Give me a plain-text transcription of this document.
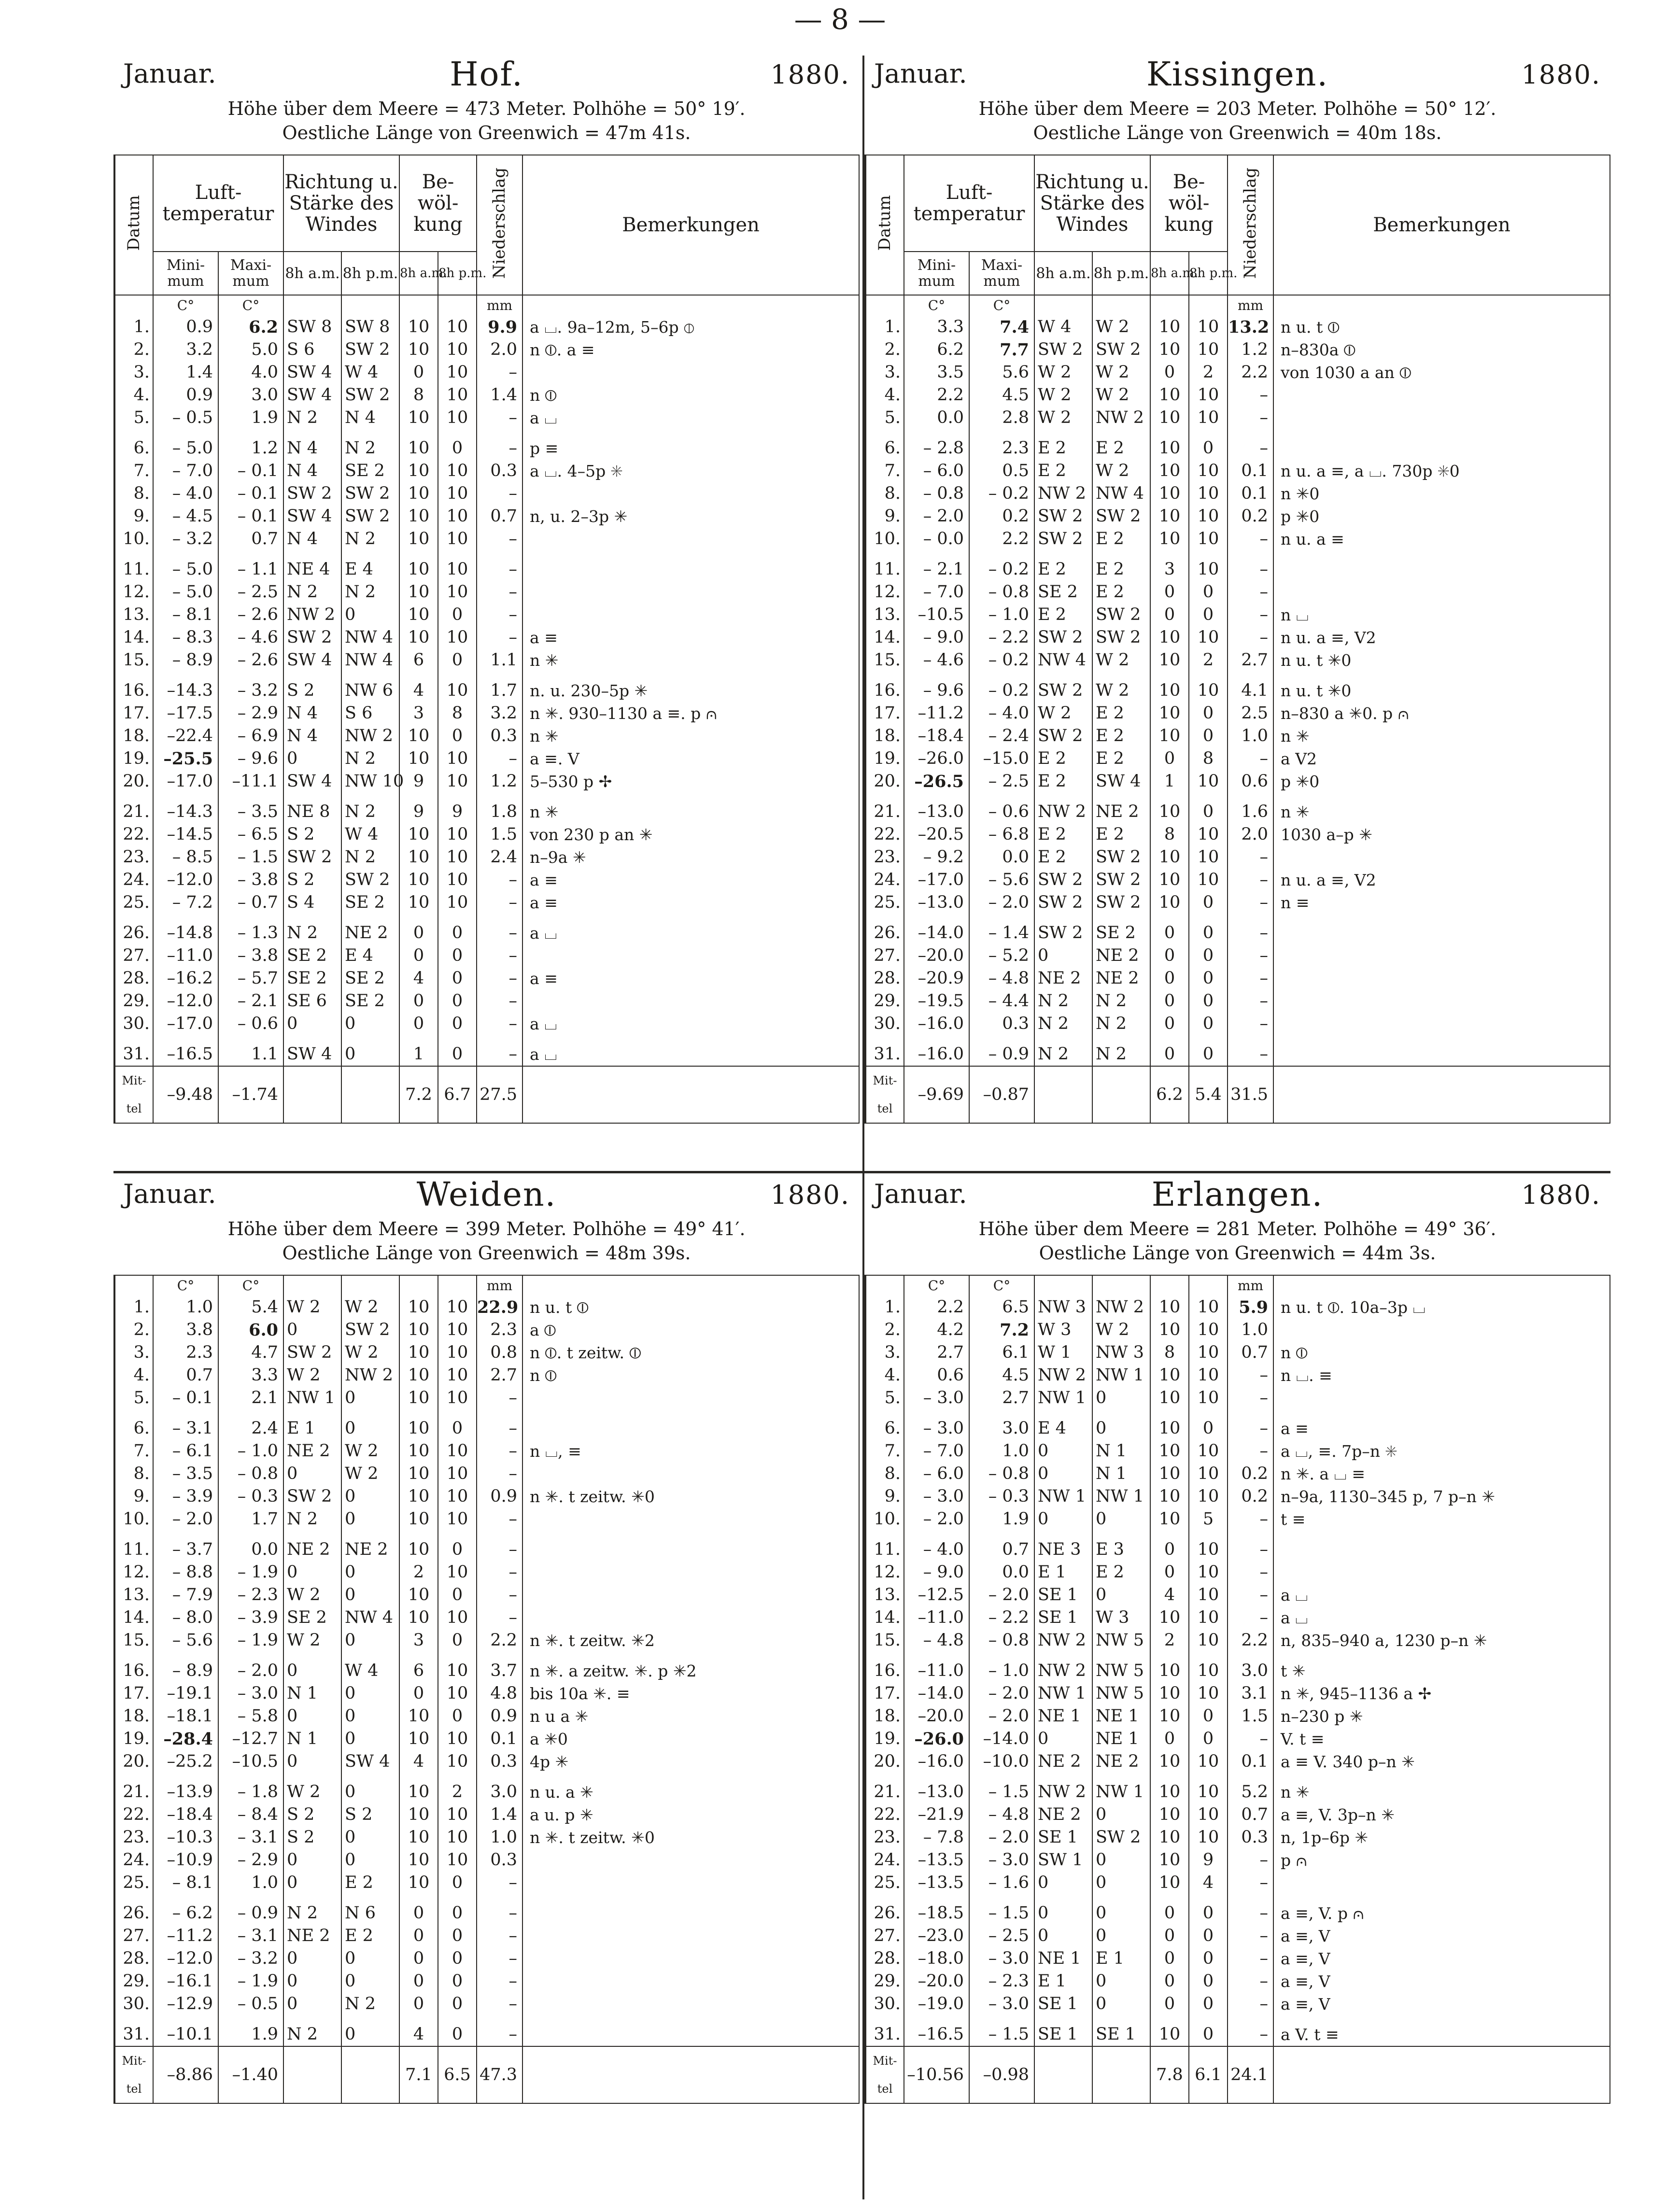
— 8 —
Januar.	Hof.	1880.
Höhe über dem Meere = 473 Meter. Polhöhe = 50° 19′.
Oestliche Länge von Greenwich = 47m 41s.
Datum	Luft- temperatur		Richtung u. Stärke des Windes		Be- wöl- kung		Niederschlag	Bemerkungen
	Mini- mum	Maxi- mum	8h a.m.	8h p.m.	8h a.m.	8h p.m.		
	C°	C°					mm	
1.	0.9	6.2	SW 8	SW 8	10	10	9.9	a ⌴. 9a–12m, 5–6p ⦶
2.	3.2	5.0	S 6	SW 2	10	10	2.0	n ⦶. a ≡
3.	1.4	4.0	SW 4	W 4	0	10	–	
4.	0.9	3.0	SW 4	SW 2	8	10	1.4	n ⦶
5.	– 0.5	1.9	N 2	N 4	10	10	–	a ⌴

6.	– 5.0	1.2	N 4	N 2	10	0	–	p ≡
7.	– 7.0	– 0.1	N 4	SE 2	10	10	0.3	a ⌴. 4–5p ✳
8.	– 4.0	– 0.1	SW 2	SW 2	10	10	–	
9.	– 4.5	– 0.1	SW 4	SW 2	10	10	0.7	n, u. 2–3p ✳
10.	– 3.2	0.7	N 4	N 2	10	10	–	

11.	– 5.0	– 1.1	NE 4	E 4	10	10	–	
12.	– 5.0	– 2.5	N 2	N 2	10	10	–	
13.	– 8.1	– 2.6	NW 2	0	10	0	–	
14.	– 8.3	– 4.6	SW 2	NW 4	10	10	–	a ≡
15.	– 8.9	– 2.6	SW 4	NW 4	6	0	1.1	n ✳

16.	–14.3	– 3.2	S 2	NW 6	4	10	1.7	n. u. 230–5p ✳
17.	–17.5	– 2.9	N 4	S 6	3	8	3.2	n ✳. 930–1130 a ≡. p ⩀
18.	–22.4	– 6.9	N 4	NW 2	10	0	0.3	n ✳
19.	–25.5	– 9.6	0	N 2	10	10	–	a ≡. V
20.	–17.0	–11.1	SW 4	NW 10	9	10	1.2	5–530 p ✢

21.	–14.3	– 3.5	NE 8	N 2	9	9	1.8	n ✳
22.	–14.5	– 6.5	S 2	W 4	10	10	1.5	von 230 p an ✳
23.	– 8.5	– 1.5	SW 2	N 2	10	10	2.4	n–9a ✳
24.	–12.0	– 3.8	S 2	SW 2	10	10	–	a ≡
25.	– 7.2	– 0.7	S 4	SE 2	10	10	–	a ≡

26.	–14.8	– 1.3	N 2	NE 2	0	0	–	a ⌴
27.	–11.0	– 3.8	SE 2	E 4	0	0	–	
28.	–16.2	– 5.7	SE 2	SE 2	4	0	–	a ≡
29.	–12.0	– 2.1	SE 6	SE 2	0	0	–	
30.	–17.0	– 0.6	0	0	0	0	–	a ⌴

31.	–16.5	1.1	SW 4	0	1	0	–	a ⌴
Mit- tel	–9.48	–1.74			7.2	6.7	27.5	
Januar.	Kissingen.	1880.
Höhe über dem Meere = 203 Meter. Polhöhe = 50° 12′.
Oestliche Länge von Greenwich = 40m 18s.
Datum	Luft- temperatur		Richtung u. Stärke des Windes		Be- wöl- kung		Niederschlag	Bemerkungen
	Mini- mum	Maxi- mum	8h a.m.	8h p.m.	8h a.m.	8h p.m.		
	C°	C°					mm	
1.	3.3	7.4	W 4	W 2	10	10	13.2	n u. t ⦶
2.	6.2	7.7	SW 2	SW 2	10	10	1.2	n–830a ⦶
3.	3.5	5.6	W 2	W 2	0	2	2.2	von 1030 a an ⦶
4.	2.2	4.5	W 2	W 2	10	10	–	
5.	0.0	2.8	W 2	NW 2	10	10	–	

6.	– 2.8	2.3	E 2	E 2	10	0	–	
7.	– 6.0	0.5	E 2	W 2	10	10	0.1	n u. a ≡, a ⌴. 730p ✳0
8.	– 0.8	– 0.2	NW 2	NW 4	10	10	0.1	n ✳0
9.	– 2.0	0.2	SW 2	SW 2	10	10	0.2	p ✳0
10.	– 0.0	2.2	SW 2	E 2	10	10	–	n u. a ≡

11.	– 2.1	– 0.2	E 2	E 2	3	10	–	
12.	– 7.0	– 0.8	SE 2	E 2	0	0	–	
13.	–10.5	– 1.0	E 2	SW 2	0	0	–	n ⌴
14.	– 9.0	– 2.2	SW 2	SW 2	10	10	–	n u. a ≡, V2
15.	– 4.6	– 0.2	NW 4	W 2	10	2	2.7	n u. t ✳0

16.	– 9.6	– 0.2	SW 2	W 2	10	10	4.1	n u. t ✳0
17.	–11.2	– 4.0	W 2	E 2	10	0	2.5	n–830 a ✳0. p ⩀
18.	–18.4	– 2.4	SW 2	E 2	10	0	1.0	n ✳
19.	–26.0	–15.0	E 2	E 2	0	8	–	a V2
20.	–26.5	– 2.5	E 2	SW 4	1	10	0.6	p ✳0

21.	–13.0	– 0.6	NW 2	NE 2	10	0	1.6	n ✳
22.	–20.5	– 6.8	E 2	E 2	8	10	2.0	1030 a–p ✳
23.	– 9.2	0.0	E 2	SW 2	10	10	–	
24.	–17.0	– 5.6	SW 2	SW 2	10	10	–	n u. a ≡, V2
25.	–13.0	– 2.0	SW 2	SW 2	10	0	–	n ≡

26.	–14.0	– 1.4	SW 2	SE 2	0	0	–	
27.	–20.0	– 5.2	0	NE 2	0	0	–	
28.	–20.9	– 4.8	NE 2	NE 2	0	0	–	
29.	–19.5	– 4.4	N 2	N 2	0	0	–	
30.	–16.0	0.3	N 2	N 2	0	0	–	

31.	–16.0	– 0.9	N 2	N 2	0	0	–	
Mit- tel	–9.69	–0.87			6.2	5.4	31.5	
Januar.	Weiden.	1880.
Höhe über dem Meere = 399 Meter. Polhöhe = 49° 41′.
Oestliche Länge von Greenwich = 48m 39s.
	C°	C°					mm	
1.	1.0	5.4	W 2	W 2	10	10	22.9	n u. t ⦶
2.	3.8	6.0	0	SW 2	10	10	2.3	a ⦶
3.	2.3	4.7	SW 2	W 2	10	10	0.8	n ⦶. t zeitw. ⦶
4.	0.7	3.3	W 2	NW 2	10	10	2.7	n ⦶
5.	– 0.1	2.1	NW 1	0	10	10	–	

6.	– 3.1	2.4	E 1	0	10	0	–	
7.	– 6.1	– 1.0	NE 2	W 2	10	10	–	n ⌴, ≡
8.	– 3.5	– 0.8	0	W 2	10	10	–	
9.	– 3.9	– 0.3	SW 2	0	10	10	0.9	n ✳. t zeitw. ✳0
10.	– 2.0	1.7	N 2	0	10	10	–	

11.	– 3.7	0.0	NE 2	NE 2	10	0	–	
12.	– 8.8	– 1.9	0	0	2	10	–	
13.	– 7.9	– 2.3	W 2	0	10	0	–	
14.	– 8.0	– 3.9	SE 2	NW 4	10	10	–	
15.	– 5.6	– 1.9	W 2	0	3	0	2.2	n ✳. t zeitw. ✳2

16.	– 8.9	– 2.0	0	W 4	6	10	3.7	n ✳. a zeitw. ✳. p ✳2
17.	–19.1	– 3.0	N 1	0	0	10	4.8	bis 10a ✳. ≡
18.	–18.1	– 5.8	0	0	10	0	0.9	n u a ✳
19.	–28.4	–12.7	N 1	0	10	10	0.1	a ✳0
20.	–25.2	–10.5	0	SW 4	4	10	0.3	4p ✳

21.	–13.9	– 1.8	W 2	0	10	2	3.0	n u. a ✳
22.	–18.4	– 8.4	S 2	S 2	10	10	1.4	a u. p ✳
23.	–10.3	– 3.1	S 2	0	10	10	1.0	n ✳. t zeitw. ✳0
24.	–10.9	– 2.9	0	0	10	10	0.3	
25.	– 8.1	1.0	0	E 2	10	0	–	

26.	– 6.2	– 0.9	N 2	N 6	0	0	–	
27.	–11.2	– 3.1	NE 2	E 2	0	0	–	
28.	–12.0	– 3.2	0	0	0	0	–	
29.	–16.1	– 1.9	0	0	0	0	–	
30.	–12.9	– 0.5	0	N 2	0	0	–	

31.	–10.1	1.9	N 2	0	4	0	–	
Mit- tel	–8.86	–1.40			7.1	6.5	47.3	
Januar.	Erlangen.	1880.
Höhe über dem Meere = 281 Meter. Polhöhe = 49° 36′.
Oestliche Länge von Greenwich = 44m 3s.
	C°	C°					mm	
1.	2.2	6.5	NW 3	NW 2	10	10	5.9	n u. t ⦶. 10a–3p ⌴
2.	4.2	7.2	W 3	W 2	10	10	1.0	
3.	2.7	6.1	W 1	NW 3	8	10	0.7	n ⦶
4.	0.6	4.5	NW 2	NW 1	10	10	–	n ⌴. ≡
5.	– 3.0	2.7	NW 1	0	10	10	–	

6.	– 3.0	3.0	E 4	0	10	0	–	a ≡
7.	– 7.0	1.0	0	N 1	10	10	–	a ⌴, ≡. 7p–n ✳
8.	– 6.0	– 0.8	0	N 1	10	10	0.2	n ✳. a ⌴ ≡
9.	– 3.0	– 0.3	NW 1	NW 1	10	10	0.2	n–9a, 1130–345 p, 7 p–n ✳
10.	– 2.0	1.9	0	0	10	5	–	t ≡

11.	– 4.0	0.7	NE 3	E 3	0	10	–	
12.	– 9.0	0.0	E 1	E 2	0	10	–	
13.	–12.5	– 2.0	SE 1	0	4	10	–	a ⌴
14.	–11.0	– 2.2	SE 1	W 3	10	10	–	a ⌴
15.	– 4.8	– 0.8	NW 2	NW 5	2	10	2.2	n, 835–940 a, 1230 p–n ✳

16.	–11.0	– 1.0	NW 2	NW 5	10	10	3.0	t ✳
17.	–14.0	– 2.0	NW 1	NW 5	10	10	3.1	n ✳, 945–1136 a ✢
18.	–20.0	– 2.0	NE 1	NE 1	10	0	1.5	n–230 p ✳
19.	–26.0	–14.0	0	NE 1	0	0	–	V. t ≡
20.	–16.0	–10.0	NE 2	NE 2	10	10	0.1	a ≡ V. 340 p–n ✳

21.	–13.0	– 1.5	NW 2	NW 1	10	10	5.2	n ✳
22.	–21.9	– 4.8	NE 2	0	10	10	0.7	a ≡, V. 3p–n ✳
23.	– 7.8	– 2.0	SE 1	SW 2	10	10	0.3	n, 1p–6p ✳
24.	–13.5	– 3.0	SW 1	0	10	9	–	p ⩀
25.	–13.5	– 1.6	0	0	10	4	–	

26.	–18.5	– 1.5	0	0	0	0	–	a ≡, V. p ⩀
27.	–23.0	– 2.5	0	0	0	0	–	a ≡, V
28.	–18.0	– 3.0	NE 1	E 1	0	0	–	a ≡, V
29.	–20.0	– 2.3	E 1	0	0	0	–	a ≡, V
30.	–19.0	– 3.0	SE 1	0	0	0	–	a ≡, V

31.	–16.5	– 1.5	SE 1	SE 1	10	0	–	a V. t ≡
Mit- tel	–10.56	–0.98			7.8	6.1	24.1	
